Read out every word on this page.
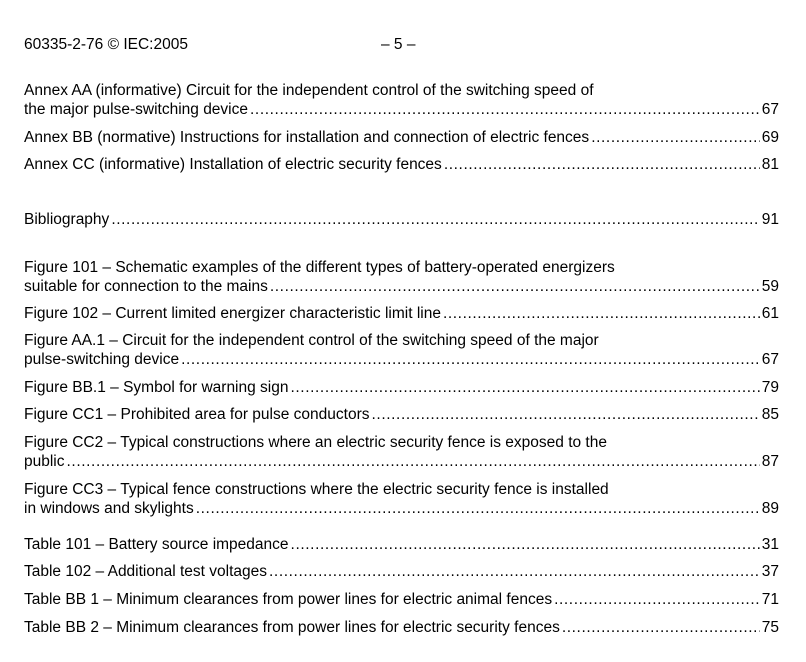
60335-2-76 © IEC:2005	– 5 –
Annex AA (informative) Circuit for the independent control of the switching speed of
the major pulse-switching device .....	67
Annex BB (normative) Instructions for installation and connection of electric fences .....	69
Annex CC (informative) Installation of electric security fences .....	81
Bibliography .....	91
Figure 101 – Schematic examples of the different types of battery-operated energizers
suitable for connection to the mains .....	59
Figure 102 – Current limited energizer characteristic limit line .....	61
Figure AA.1 – Circuit for the independent control of the switching speed of the major
pulse-switching device .....	67
Figure BB.1 – Symbol for warning sign .....	79
Figure CC1 – Prohibited area for pulse conductors .....	85
Figure CC2 – Typical constructions where an electric security fence is exposed to the
public .....	87
Figure CC3 – Typical fence constructions where the electric security fence is installed
in windows and skylights .....	89
Table 101 – Battery source impedance .....	31
Table 102 – Additional test voltages .....	37
Table BB 1 – Minimum clearances from power lines for electric animal fences .....	71
Table BB 2 – Minimum clearances from power lines for electric security fences .....	75
